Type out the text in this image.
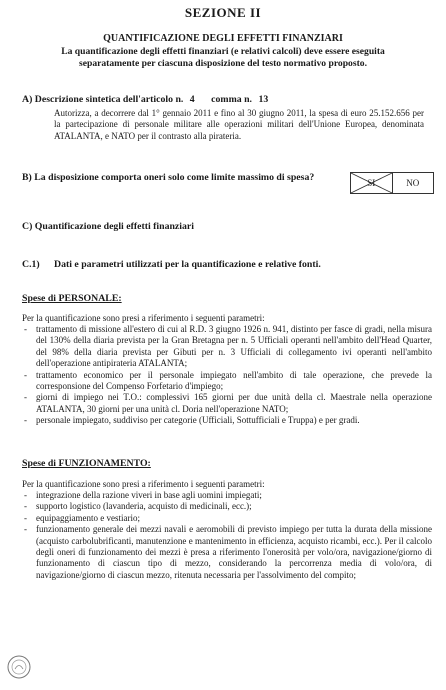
SEZIONE II
QUANTIFICAZIONE DEGLI EFFETTI FINANZIARI
La quantificazione degli effetti finanziari (e relativi calcoli) deve essere eseguita separatamente per ciascuna disposizione del testo normativo proposto.
A) Descrizione sintetica dell'articolo n. 4 comma n. 13
Autorizza, a decorrere dal 1° gennaio 2011 e fino al 30 giugno 2011, la spesa di euro 25.152.656 per la partecipazione di personale militare alle operazioni militari dell'Unione Europea, denominata ATALANTA, e NATO per il contrasto alla pirateria.
B) La disposizione comporta oneri solo come limite massimo di spesa?	SI	NO
C) Quantificazione degli effetti finanziari
C.1) Dati e parametri utilizzati per la quantificazione e relative fonti.
Spese di PERSONALE:
Per la quantificazione sono presi a riferimento i seguenti parametri:
- trattamento di missione all'estero di cui al R.D. 3 giugno 1926 n. 941, distinto per fasce di gradi, nella misura del 130% della diaria prevista per la Gran Bretagna per n. 5 Ufficiali operanti nell'ambito dell'Head Quarter, del 98% della diaria prevista per Gibuti per n. 3 Ufficiali di collegamento ivi operanti nell'ambito dell'operazione antipirateria ATALANTA;
- trattamento economico per il personale impiegato nell'ambito di tale operazione, che prevede la corresponsione del Compenso Forfetario d'impiego;
- giorni di impiego nei T.O.: complessivi 165 giorni per due unità della cl. Maestrale nella operazione ATALANTA, 30 giorni per una unità cl. Doria nell'operazione NATO;
- personale impiegato, suddiviso per categorie (Ufficiali, Sottufficiali e Truppa) e per gradi.
Spese di FUNZIONAMENTO:
Per la quantificazione sono presi a riferimento i seguenti parametri:
- integrazione della razione viveri in base agli uomini impiegati;
- supporto logistico (lavanderia, acquisto di medicinali, ecc.);
- equipaggiamento e vestiario;
- funzionamento generale dei mezzi navali e aeromobili di previsto impiego per tutta la durata della missione (acquisto carbolubrificanti, manutenzione e mantenimento in efficienza, acquisto ricambi, ecc.). Per il calcolo degli oneri di funzionamento dei mezzi è presa a riferimento l'onerosità per volo/ora, navigazione/giorno di funzionamento di ciascun tipo di mezzo, considerando la percorrenza media di volo/ora, di navigazione/giorno di ciascun mezzo, ritenuta necessaria per l'assolvimento del compito;
